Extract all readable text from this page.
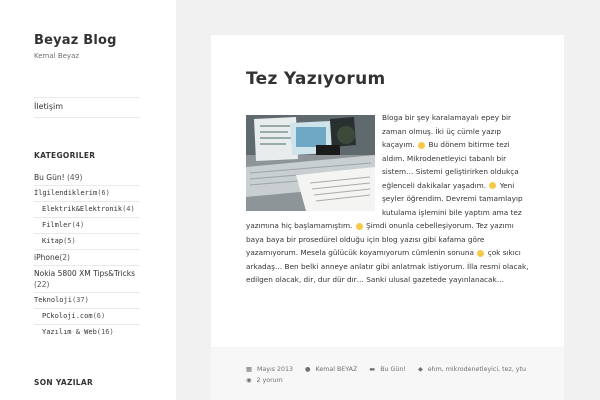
Beyaz Blog
Kemal Beyaz
İletişim
KATEGORILER
Bu Gün! (49)
İlgilendiklerim(6)
Elektrik&Elektronik(4)
Filmler(4)
Kitap(5)
iPhone(2)
Nokia 5800 XM Tips&Tricks (22)
Teknoloji(37)
PCkoloji.com(6)
Yazılım & Web(16)
SON YAZILAR
Tez Yazıyorum
Bloga bir şey karalamayalı epey bir zaman olmuş. İki üç cümle yazıp kaçayım. Bu dönem bitirme tezi aldım. Mikrodenetleyici tabanlı bir sistem… Sistemi geliştirirken oldukça eğlenceli dakikalar yaşadım. Yeni şeyler öğrendim. Devremi tamamlayıp kutulama işlemini bile yaptım ama tez yazımına hiç başlamamıştım. Şimdi onunla cebelleşiyorum. Tez yazımı baya baya bir prosedürel olduğu için blog yazısı gibi kafama göre yazamıyorum. Mesela gülücük koyamıyorum cümlenin sonuna çok sıkıcı arkadaş… Ben belki anneye anlatır gibi anlatmak istiyorum. İlla resmi olacak, edilgen olacak, dir, dur dür dır… Sanki ulusal gazetede yayınlanacak…
▦ Mayıs 2013 ● Kemal BEYAZ ▬ Bu Gün! ◆ ehm, mikrodenetleyici, tez, ytu
◉ 2 yorum
